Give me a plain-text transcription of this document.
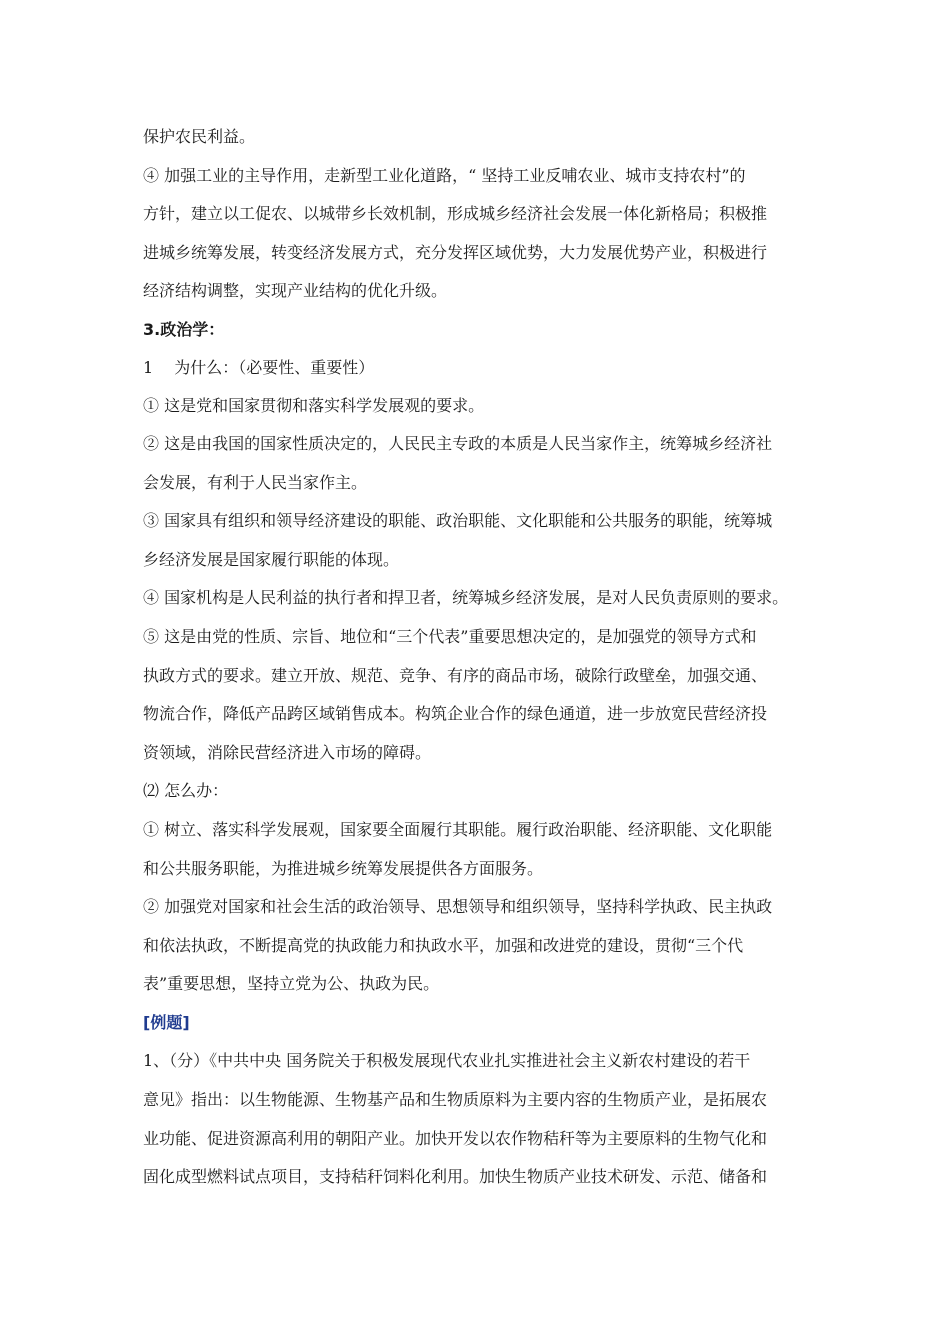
保护农民利益。
④ 加强工业的主导作用，走新型工业化道路，“ 坚持工业反哺农业、城市支持农村”的
方针，建立以工促农、以城带乡长效机制，形成城乡经济社会发展一体化新格局；积极推
进城乡统筹发展，转变经济发展方式，充分发挥区域优势，大力发展优势产业，积极进行
经济结构调整，实现产业结构的优化升级。
3.政治学：
1　 为什么：（必要性、重要性）
① 这是党和国家贯彻和落实科学发展观的要求。
② 这是由我国的国家性质决定的，人民民主专政的本质是人民当家作主，统筹城乡经济社
会发展，有利于人民当家作主。
③ 国家具有组织和领导经济建设的职能、政治职能、文化职能和公共服务的职能，统筹城
乡经济发展是国家履行职能的体现。
④ 国家机构是人民利益的执行者和捍卫者，统筹城乡经济发展，是对人民负责原则的要求。
⑤ 这是由党的性质、宗旨、地位和“三个代表”重要思想决定的，是加强党的领导方式和
执政方式的要求。建立开放、规范、竞争、有序的商品市场，破除行政壁垒，加强交通、
物流合作，降低产品跨区域销售成本。构筑企业合作的绿色通道，进一步放宽民营经济投
资领域，消除民营经济进入市场的障碍。
⑵ 怎么办：
① 树立、落实科学发展观，国家要全面履行其职能。履行政治职能、经济职能、文化职能
和公共服务职能，为推进城乡统筹发展提供各方面服务。
② 加强党对国家和社会生活的政治领导、思想领导和组织领导，坚持科学执政、民主执政
和依法执政，不断提高党的执政能力和执政水平，加强和改进党的建设，贯彻“三个代
表”重要思想，坚持立党为公、执政为民。
[例题]
1、（分）《中共中央 国务院关于积极发展现代农业扎实推进社会主义新农村建设的若干
意见》指出：以生物能源、生物基产品和生物质原料为主要内容的生物质产业，是拓展农
业功能、促进资源高利用的朝阳产业。加快开发以农作物秸秆等为主要原料的生物气化和
固化成型燃料试点项目，支持秸秆饲料化利用。加快生物质产业技术研发、示范、储备和
